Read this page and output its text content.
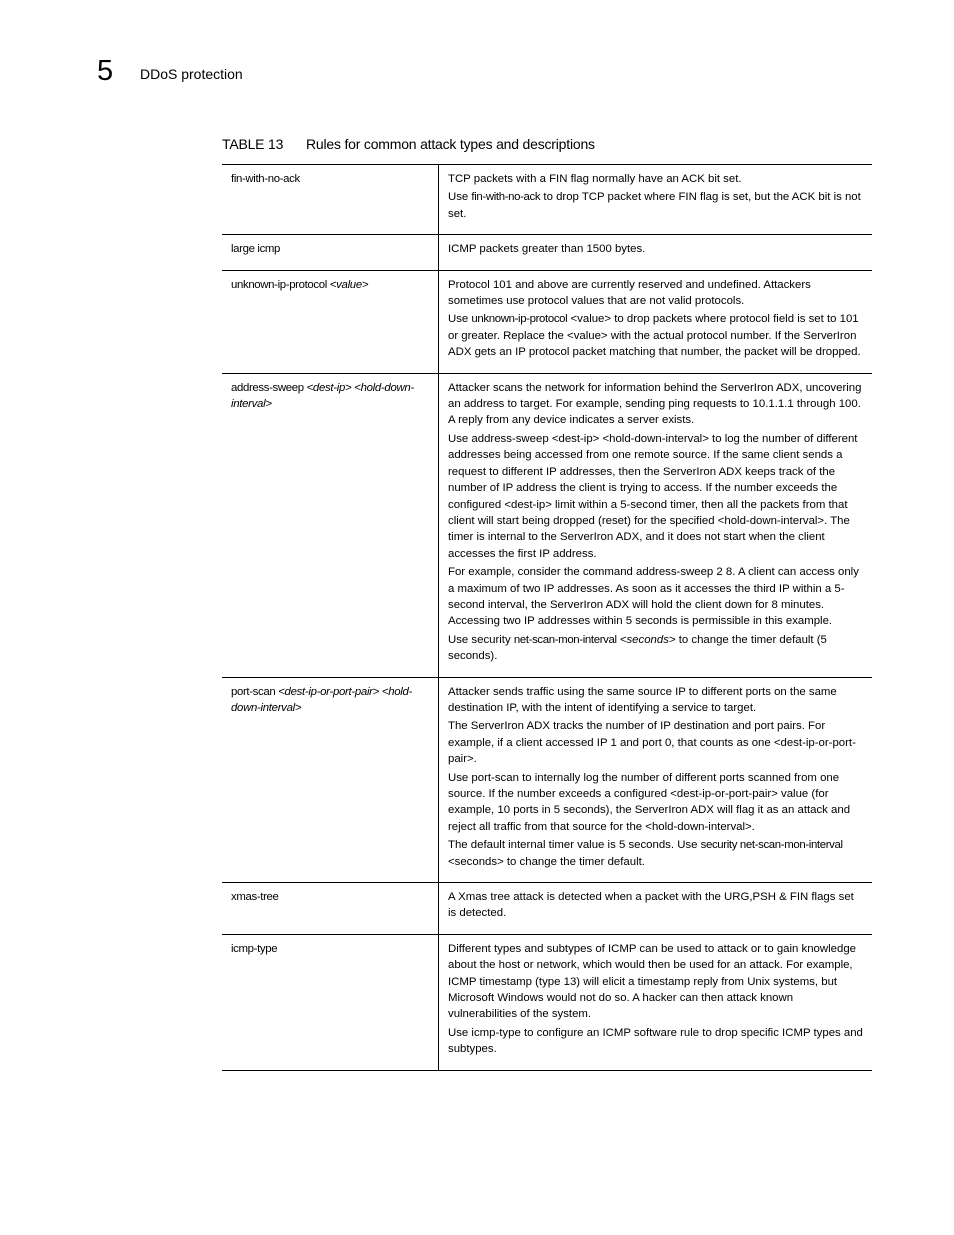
5 DDoS protection
TABLE 13 Rules for common attack types and descriptions
fin-with-no-ack	TCP packets with a FIN flag normally have an ACK bit set.

Use fin-with-no-ack to drop TCP packet where FIN flag is set, but the ACK bit is not set.

large icmp	ICMP packets greater than 1500 bytes.

unknown-ip-protocol <value>	Protocol 101 and above are currently reserved and undefined. Attackers sometimes use protocol values that are not valid protocols.

Use unknown-ip-protocol <value> to drop packets where protocol field is set to 101 or greater. Replace the <value> with the actual protocol number. If the ServerIron ADX gets an IP protocol packet matching that number, the packet will be dropped.

address-sweep <dest-ip> <hold-down-interval>	Attacker scans the network for information behind the ServerIron ADX, uncovering an address to target. For example, sending ping requests to 10.1.1.1 through 100. A reply from any device indicates a server exists.

Use address-sweep <dest-ip> <hold-down-interval> to log the number of different addresses being accessed from one remote source. If the same client sends a request to different IP addresses, then the ServerIron ADX keeps track of the number of IP address the client is trying to access. If the number exceeds the configured <dest-ip> limit within a 5-second timer, then all the packets from that client will start being dropped (reset) for the specified <hold-down-interval>. The timer is internal to the ServerIron ADX, and it does not start when the client accesses the first IP address.

For example, consider the command address-sweep 2 8. A client can access only a maximum of two IP addresses. As soon as it accesses the third IP within a 5-second interval, the ServerIron ADX will hold the client down for 8 minutes. Accessing two IP addresses within 5 seconds is permissible in this example.

Use security net-scan-mon-interval <seconds> to change the timer default (5 seconds).

port-scan <dest-ip-or-port-pair> <hold-down-interval>	Attacker sends traffic using the same source IP to different ports on the same destination IP, with the intent of identifying a service to target.

The ServerIron ADX tracks the number of IP destination and port pairs. For example, if a client accessed IP 1 and port 0, that counts as one <dest-ip-or-port-pair>.

Use port-scan to internally log the number of different ports scanned from one source. If the number exceeds a configured <dest-ip-or-port-pair> value (for example, 10 ports in 5 seconds), the ServerIron ADX will flag it as an attack and reject all traffic from that source for the <hold-down-interval>.

The default internal timer value is 5 seconds. Use security net-scan-mon-interval <seconds> to change the timer default.

xmas-tree	A Xmas tree attack is detected when a packet with the URG,PSH & FIN flags set is detected.

icmp-type	Different types and subtypes of ICMP can be used to attack or to gain knowledge about the host or network, which would then be used for an attack. For example, ICMP timestamp (type 13) will elicit a timestamp reply from Unix systems, but Microsoft Windows would not do so. A hacker can then attack known vulnerabilities of the system.

Use icmp-type to configure an ICMP software rule to drop specific ICMP types and subtypes.
